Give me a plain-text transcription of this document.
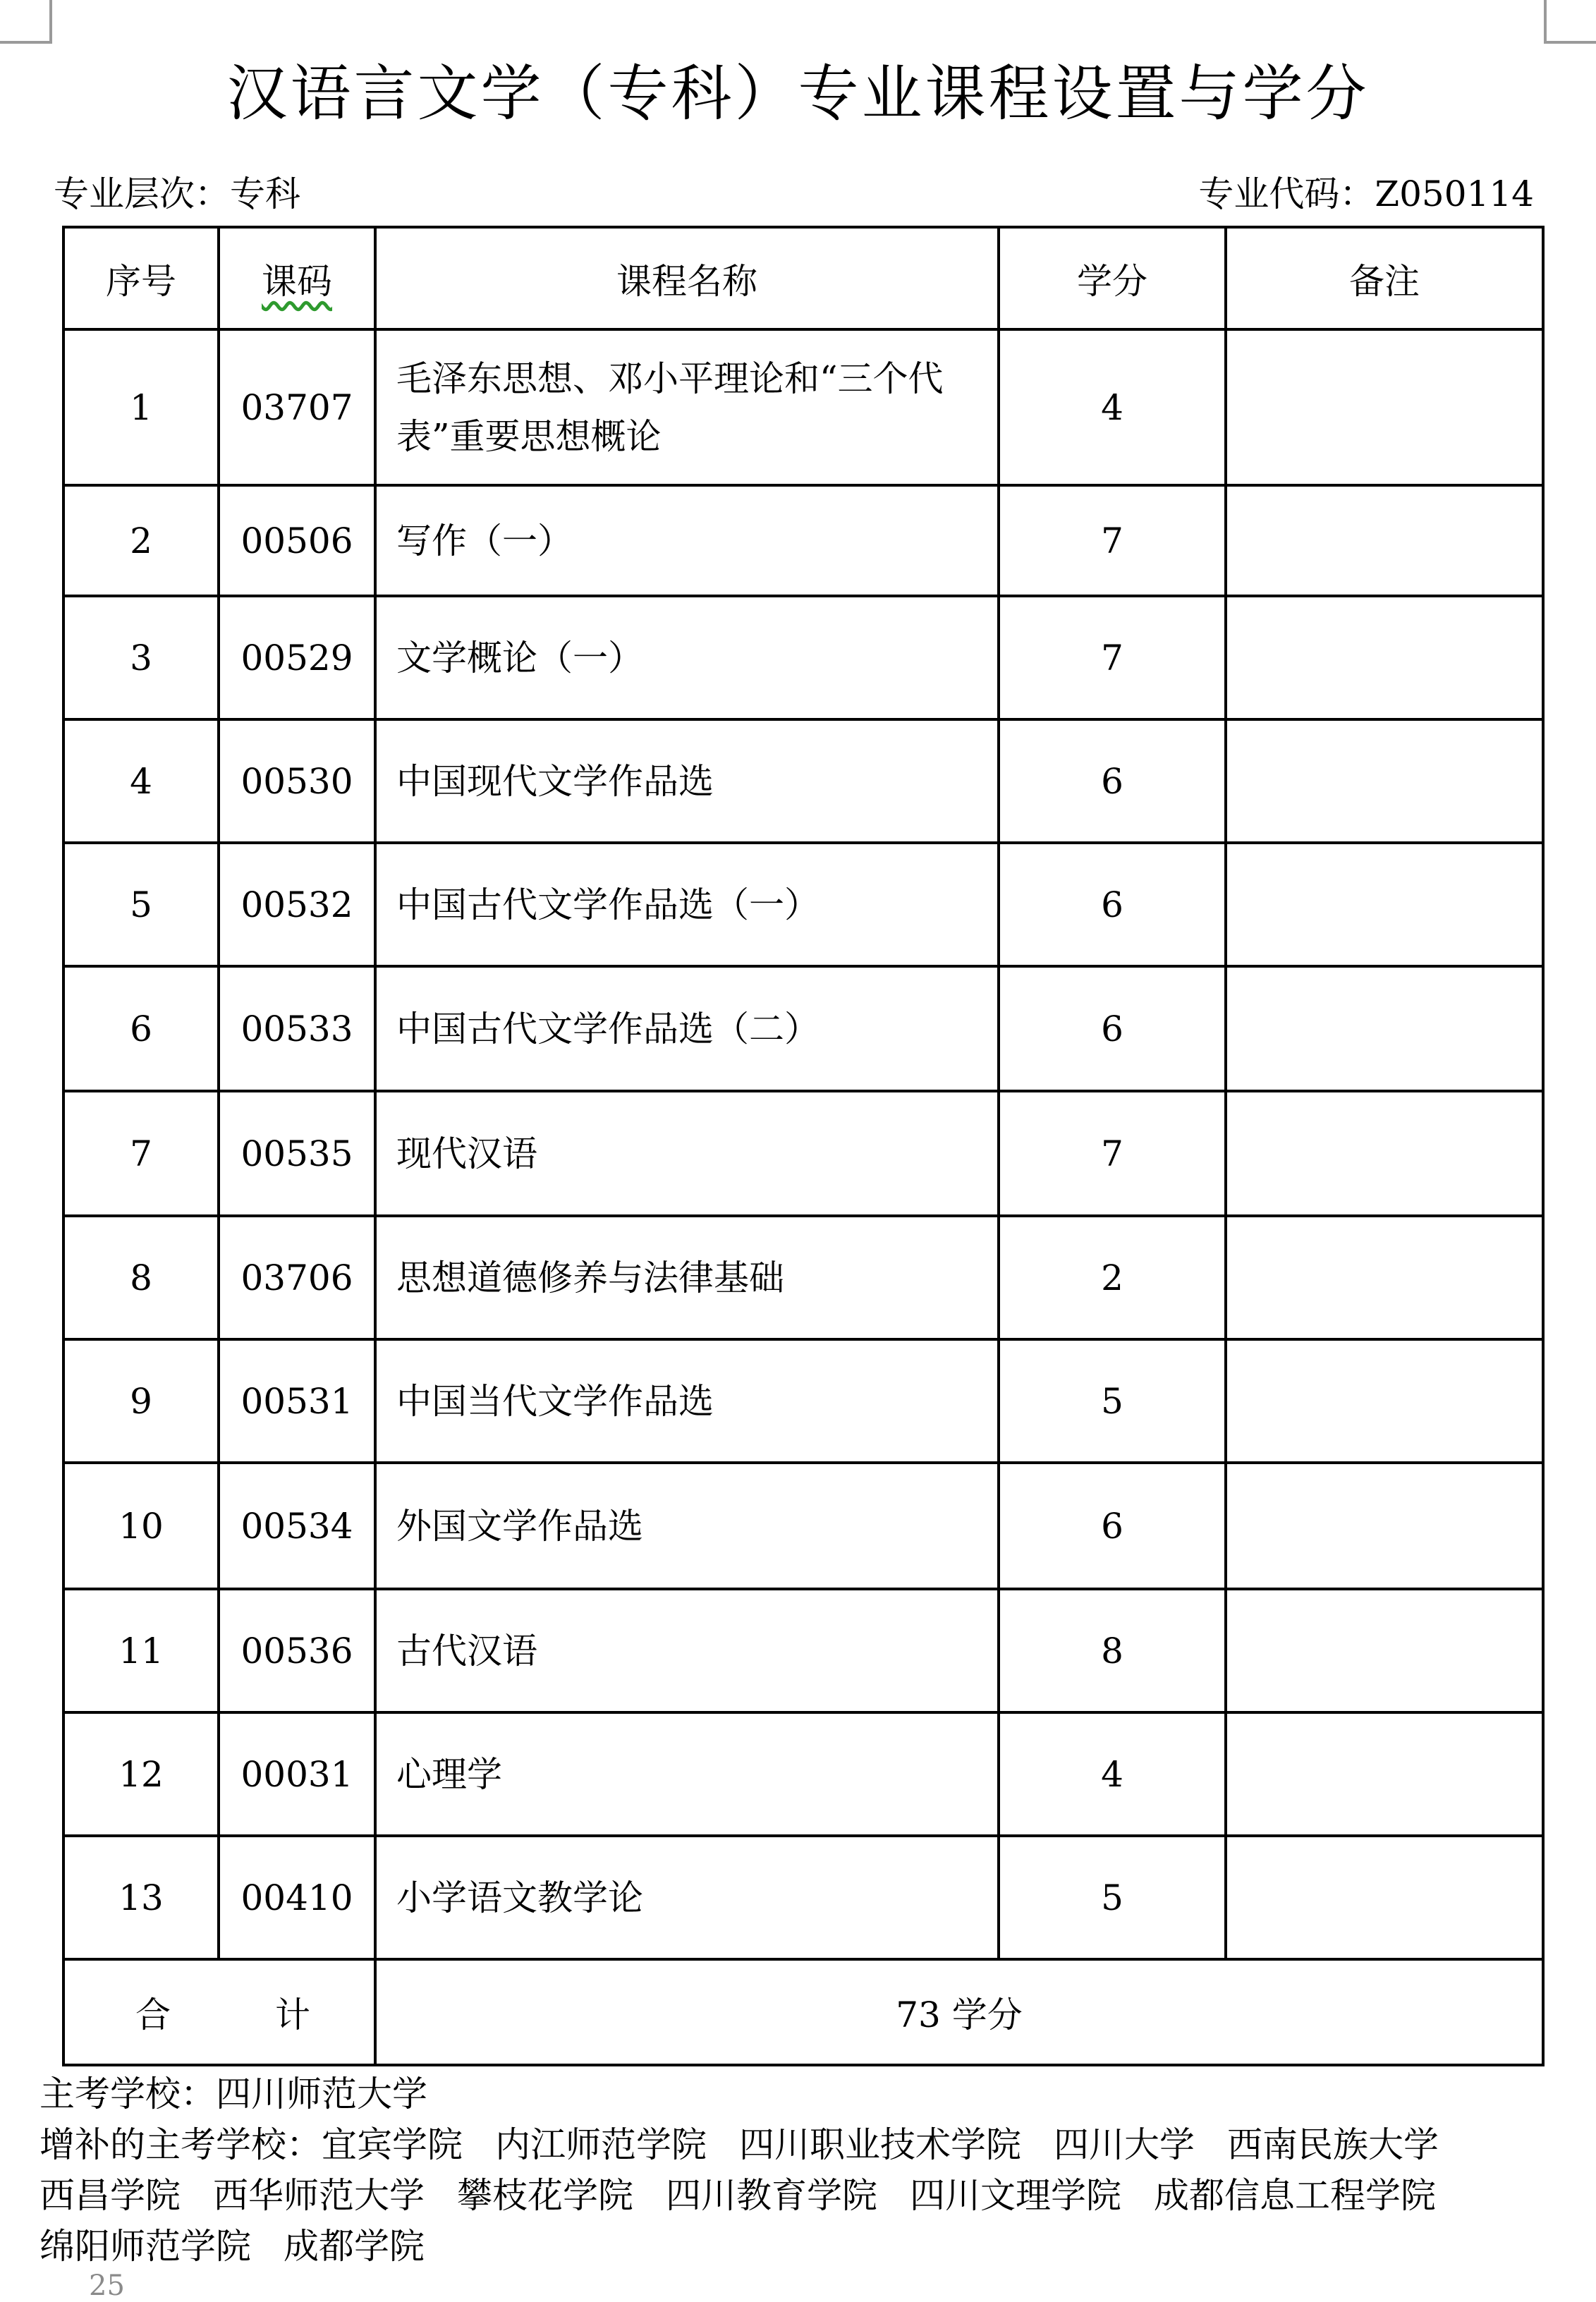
汉语言文学（专科）专业课程设置与学分
专业层次：专科	专业代码：Z050114
序号	课码	课程名称	学分	备注
1	03707	毛泽东思想、邓小平理论和“三个代表”重要思想概论	4	
2	00506	写作（一）	7	
3	00529	文学概论（一）	7	
4	00530	中国现代文学作品选	6	
5	00532	中国古代文学作品选（一）	6	
6	00533	中国古代文学作品选（二）	6	
7	00535	现代汉语	7	
8	03706	思想道德修养与法律基础	2	
9	00531	中国当代文学作品选	5	
10	00534	外国文学作品选	6	
11	00536	古代汉语	8	
12	00031	心理学	4	
13	00410	小学语文教学论	5	

合 计		73 学分		
主考学校：四川师范大学
增补的主考学校：宜宾学院 内江师范学院 四川职业技术学院 四川大学 西南民族大学
西昌学院 西华师范大学 攀枝花学院 四川教育学院 四川文理学院 成都信息工程学院
绵阳师范学院 成都学院
25
